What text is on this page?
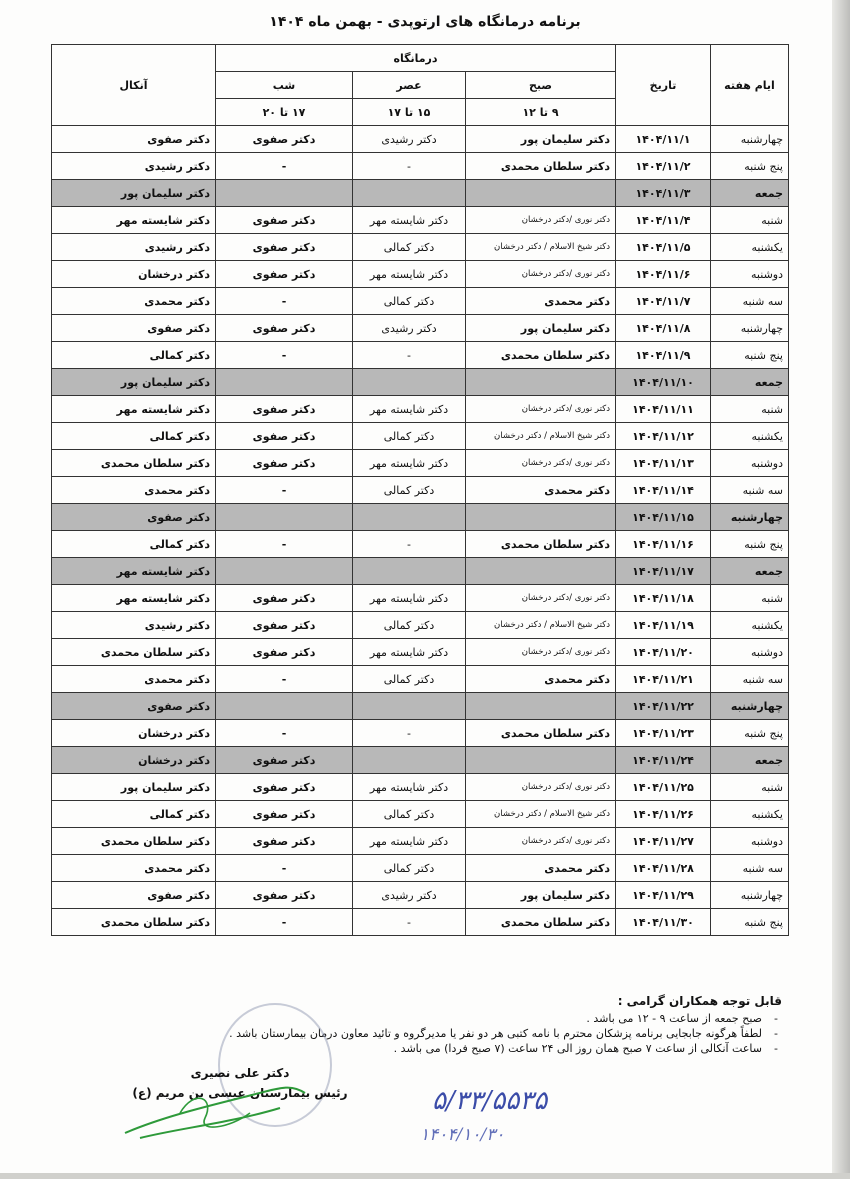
برنامه درمانگاه های ارتوپدی - بهمن ماه ۱۴۰۴
ایام هفته	تاریخ	درمانگاه			آنکال
		صبح	عصر	شب	
		۹ تا ۱۲	۱۵ تا ۱۷	۱۷ تا ۲۰	
چهارشنبه	۱۴۰۴/۱۱/۱	دکتر سلیمان پور	دکتر رشیدی	دکتر صفوی	دکتر صفوی
پنج شنبه	۱۴۰۴/۱۱/۲	دکتر سلطان محمدی	-	-	دکتر رشیدی
جمعه	۱۴۰۴/۱۱/۳				دکتر سلیمان پور
شنبه	۱۴۰۴/۱۱/۴	دکتر نوری /دکتر درخشان	دکتر شایسته مهر	دکتر صفوی	دکتر شایسته مهر
یکشنبه	۱۴۰۴/۱۱/۵	دکتر شیخ الاسلام / دکتر درخشان	دکتر کمالی	دکتر صفوی	دکتر رشیدی
دوشنبه	۱۴۰۴/۱۱/۶	دکتر نوری /دکتر درخشان	دکتر شایسته مهر	دکتر صفوی	دکتر درخشان
سه شنبه	۱۴۰۴/۱۱/۷	دکتر محمدی	دکتر کمالی	-	دکتر محمدی
چهارشنبه	۱۴۰۴/۱۱/۸	دکتر سلیمان پور	دکتر رشیدی	دکتر صفوی	دکتر صفوی
پنج شنبه	۱۴۰۴/۱۱/۹	دکتر سلطان محمدی	-	-	دکتر کمالی
جمعه	۱۴۰۴/۱۱/۱۰				دکتر سلیمان پور
شنبه	۱۴۰۴/۱۱/۱۱	دکتر نوری /دکتر درخشان	دکتر شایسته مهر	دکتر صفوی	دکتر شایسته مهر
یکشنبه	۱۴۰۴/۱۱/۱۲	دکتر شیخ الاسلام / دکتر درخشان	دکتر کمالی	دکتر صفوی	دکتر کمالی
دوشنبه	۱۴۰۴/۱۱/۱۳	دکتر نوری /دکتر درخشان	دکتر شایسته مهر	دکتر صفوی	دکتر سلطان محمدی
سه شنبه	۱۴۰۴/۱۱/۱۴	دکتر محمدی	دکتر کمالی	-	دکتر محمدی
چهارشنبه	۱۴۰۴/۱۱/۱۵				دکتر صفوی
پنج شنبه	۱۴۰۴/۱۱/۱۶	دکتر سلطان محمدی	-	-	دکتر کمالی
جمعه	۱۴۰۴/۱۱/۱۷				دکتر شایسته مهر
شنبه	۱۴۰۴/۱۱/۱۸	دکتر نوری /دکتر درخشان	دکتر شایسته مهر	دکتر صفوی	دکتر شایسته مهر
یکشنبه	۱۴۰۴/۱۱/۱۹	دکتر شیخ الاسلام / دکتر درخشان	دکتر کمالی	دکتر صفوی	دکتر رشیدی
دوشنبه	۱۴۰۴/۱۱/۲۰	دکتر نوری /دکتر درخشان	دکتر شایسته مهر	دکتر صفوی	دکتر سلطان محمدی
سه شنبه	۱۴۰۴/۱۱/۲۱	دکتر محمدی	دکتر کمالی	-	دکتر محمدی
چهارشنبه	۱۴۰۴/۱۱/۲۲				دکتر صفوی
پنج شنبه	۱۴۰۴/۱۱/۲۳	دکتر سلطان محمدی	-	-	دکتر درخشان
جمعه	۱۴۰۴/۱۱/۲۴			دکتر صفوی	دکتر درخشان
شنبه	۱۴۰۴/۱۱/۲۵	دکتر نوری /دکتر درخشان	دکتر شایسته مهر	دکتر صفوی	دکتر سلیمان پور
یکشنبه	۱۴۰۴/۱۱/۲۶	دکتر شیخ الاسلام / دکتر درخشان	دکتر کمالی	دکتر صفوی	دکتر کمالی
دوشنبه	۱۴۰۴/۱۱/۲۷	دکتر نوری /دکتر درخشان	دکتر شایسته مهر	دکتر صفوی	دکتر سلطان محمدی
سه شنبه	۱۴۰۴/۱۱/۲۸	دکتر محمدی	دکتر کمالی	-	دکتر محمدی
چهارشنبه	۱۴۰۴/۱۱/۲۹	دکتر سلیمان پور	دکتر رشیدی	دکتر صفوی	دکتر صفوی
پنج شنبه	۱۴۰۴/۱۱/۳۰	دکتر سلطان محمدی	-	-	دکتر سلطان محمدی
قابل توجه همکاران گرامی :
-
صبح جمعه از ساعت ۹ - ۱۲ می باشد .
-
لطفاً هرگونه جابجایی برنامه پزشکان محترم با نامه کتبی هر دو نفر یا مدیرگروه و تائید معاون درمان بیمارستان باشد .
-
ساعت آنکالی از ساعت ۷ صبح همان روز الی ۲۴ ساعت (۷ صبح فردا) می باشد .
دکتر علی نصیری
رئیس بیمارستان عیسی بن مریم (ع)	۵/۳۳/۵۵۳۵
۱۴۰۴/۱۰/۳۰
